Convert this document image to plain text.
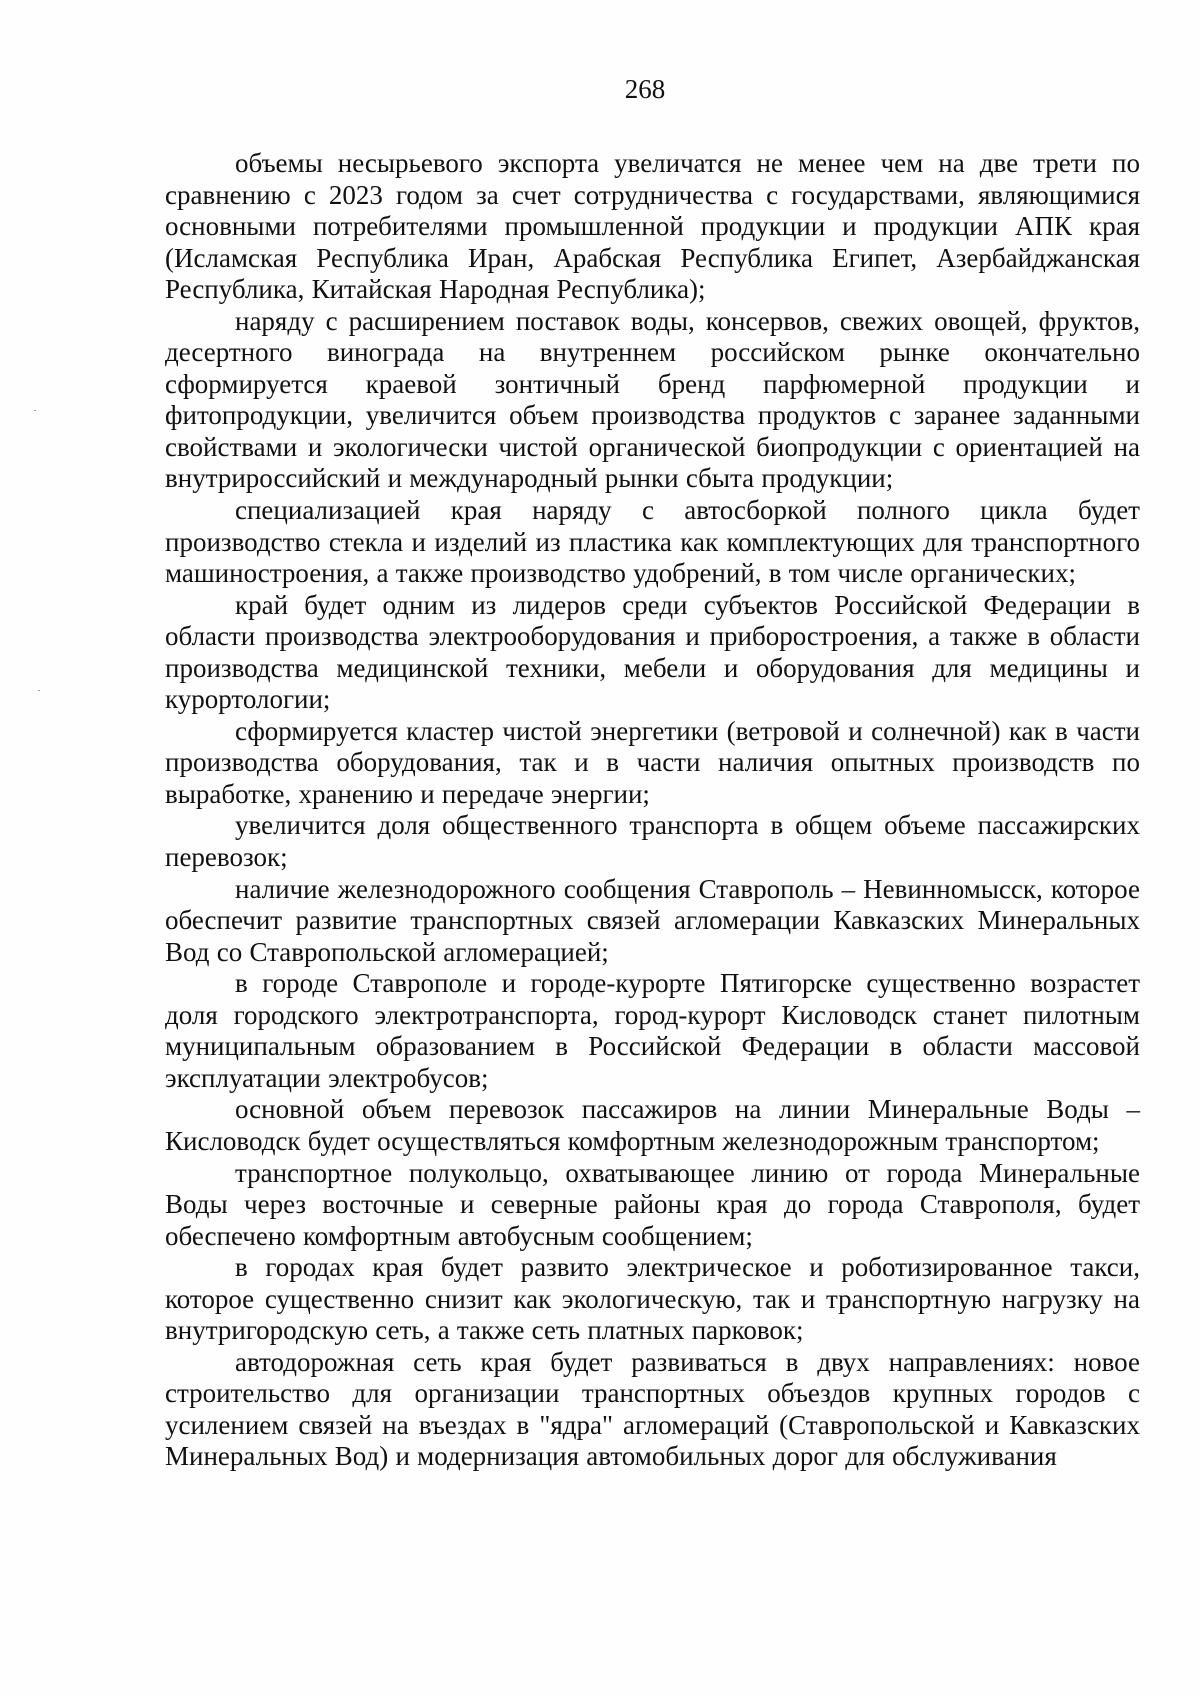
268

объемы несырьевого экспорта увеличатся не менее чем на две трети по сравнению с 2023 годом за счет сотрудничества с государствами, являющимися основными потребителями промышленной продукции и продукции АПК края (Исламская Республика Иран, Арабская Республика Египет, Азербайджанская Республика, Китайская Народная Республика);

наряду с расширением поставок воды, консервов, свежих овощей, фруктов, десертного винограда на внутреннем российском рынке окончательно сформируется краевой зонтичный бренд парфюмерной продукции и фитопродукции, увеличится объем производства продуктов с заранее заданными свойствами и экологически чистой органической биопродукции с ориентацией на внутрироссийский и международный рынки сбыта продукции;

специализацией края наряду с автосборкой полного цикла будет производство стекла и изделий из пластика как комплектующих для транспортного машиностроения, а также производство удобрений, в том числе органических;

край будет одним из лидеров среди субъектов Российской Федерации в области производства электрооборудования и приборостроения, а также в области производства медицинской техники, мебели и оборудования для медицины и курортологии;

сформируется кластер чистой энергетики (ветровой и солнечной) как в части производства оборудования, так и в части наличия опытных производств по выработке, хранению и передаче энергии;

увеличится доля общественного транспорта в общем объеме пассажирских перевозок;

наличие железнодорожного сообщения Ставрополь – Невинномысск, которое обеспечит развитие транспортных связей агломерации Кавказских Минеральных Вод со Ставропольской агломерацией;

в городе Ставрополе и городе-курорте Пятигорске существенно возрастет доля городского электротранспорта, город-курорт Кисловодск станет пилотным муниципальным образованием в Российской Федерации в области массовой эксплуатации электробусов;

основной объем перевозок пассажиров на линии Минеральные Воды – Кисловодск будет осуществляться комфортным железнодорожным транспортом;

транспортное полукольцо, охватывающее линию от города Минеральные Воды через восточные и северные районы края до города Ставрополя, будет обеспечено комфортным автобусным сообщением;

в городах края будет развито электрическое и роботизированное такси, которое существенно снизит как экологическую, так и транспортную нагрузку на внутригородскую сеть, а также сеть платных парковок;

автодорожная сеть края будет развиваться в двух направлениях: новое строительство для организации транспортных объездов крупных городов с усилением связей на въездах в "ядра" агломераций (Ставропольской и Кавказских Минеральных Вод) и модернизация автомобильных дорог для обслуживания
